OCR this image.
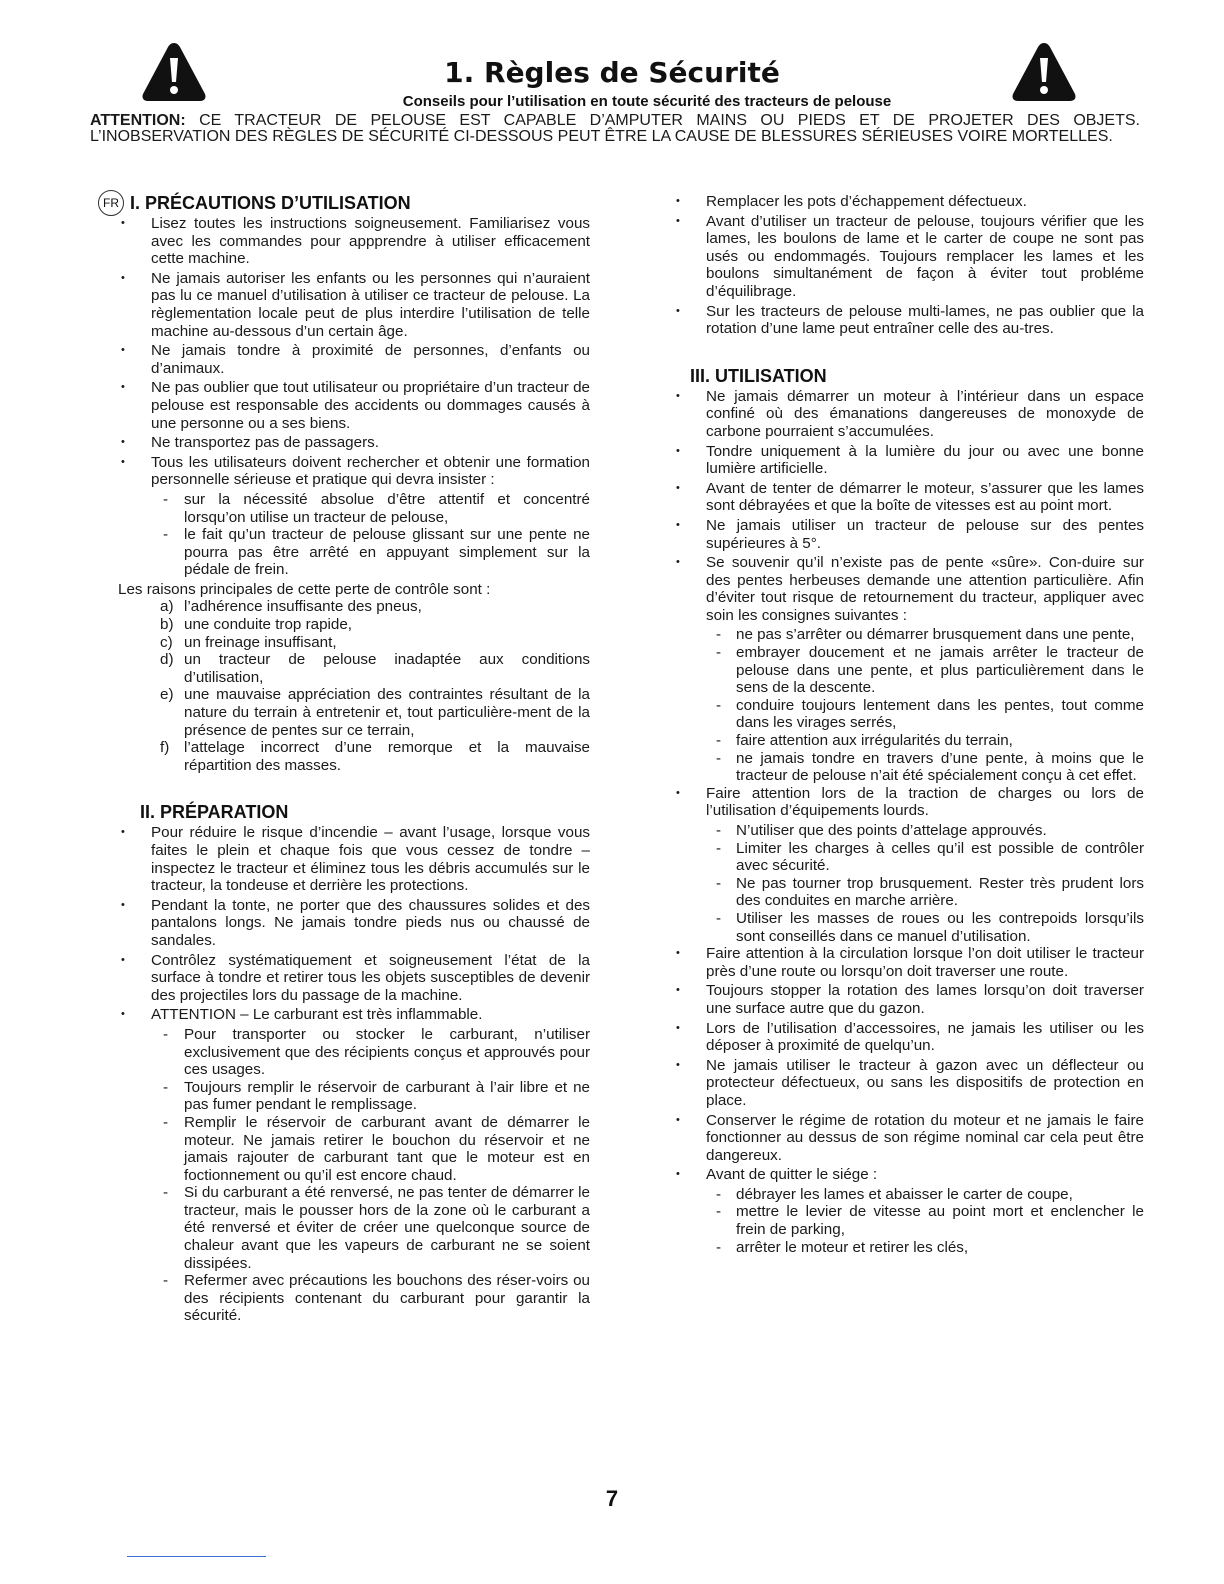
1. Règles de Sécurité
Conseils pour l’utilisation en toute sécurité des tracteurs de pelouse
ATTENTION: CE TRACTEUR DE PELOUSE EST CAPABLE D’AMPUTER MAINS OU PIEDS ET DE PROJETER DES OBJETS. L’INOBSERVATION DES RÈGLES DE SÉCURITÉ CI-DESSOUS PEUT ÊTRE LA CAUSE DE BLESSURES SÉRIEUSES VOIRE MORTELLES.
FR I. PRÉCAUTIONS D’UTILISATION
• Lisez toutes les instructions soigneusement. Familiarisez vous avec les commandes pour appprendre à utiliser efficacement cette machine.
• Ne jamais autoriser les enfants ou les personnes qui n’auraient pas lu ce manuel d’utilisation à utiliser ce tracteur de pelouse. La règlementation locale peut de plus interdire l’utilisation de telle machine au-dessous d’un certain âge.
• Ne jamais tondre à proximité de personnes, d’enfants ou d’animaux.
• Ne pas oublier que tout utilisateur ou propriétaire d’un tracteur de pelouse est responsable des accidents ou dommages causés à une personne ou a ses biens.
• Ne transportez pas de passagers.
• Tous les utilisateurs doivent rechercher et obtenir une formation personnelle sérieuse et pratique qui devra insister :
- sur la nécessité absolue d’être attentif et concentré lorsqu’on utilise un tracteur de pelouse,
- le fait qu’un tracteur de pelouse glissant sur une pente ne pourra pas être arrêté en appuyant simplement sur la pédale de frein.
Les raisons principales de cette perte de contrôle sont :
a) l’adhérence insuffisante des pneus,
b) une conduite trop rapide,
c) un freinage insuffisant,
d) un tracteur de pelouse inadaptée aux conditions d’utilisation,
e) une mauvaise appréciation des contraintes résultant de la nature du terrain à entretenir et, tout particulière-ment de la présence de pentes sur ce terrain,
f) l’attelage incorrect d’une remorque et la mauvaise répartition des masses.
II. PRÉPARATION
• Pour réduire le risque d’incendie – avant l’usage, lorsque vous faites le plein et chaque fois que vous cessez de tondre – inspectez le tracteur et éliminez tous les débris accumulés sur le tracteur, la tondeuse et derrière les protections.
• Pendant la tonte, ne porter que des chaussures solides et des pantalons longs. Ne jamais tondre pieds nus ou chaussé de sandales.
• Contrôlez systématiquement et soigneusement l’état de la surface à tondre et retirer tous les objets susceptibles de devenir des projectiles lors du passage de la machine.
• ATTENTION – Le carburant est très inflammable.
- Pour transporter ou stocker le carburant, n’utiliser exclusivement que des récipients conçus et approuvés pour ces usages.
- Toujours remplir le réservoir de carburant à l’air libre et ne pas fumer pendant le remplissage.
- Remplir le réservoir de carburant avant de démarrer le moteur. Ne jamais retirer le bouchon du réservoir et ne jamais rajouter de carburant tant que le moteur est en foctionnement ou qu’il est encore chaud.
- Si du carburant a été renversé, ne pas tenter de démarrer le tracteur, mais le pousser hors de la zone où le carburant a été renversé et éviter de créer une quelconque source de chaleur avant que les vapeurs de carburant ne se soient dissipées.
- Refermer avec précautions les bouchons des réser-voirs ou des récipients contenant du carburant pour garantir la sécurité.
• Remplacer les pots d’échappement défectueux.
• Avant d’utiliser un tracteur de pelouse, toujours vérifier que les lames, les boulons de lame et le carter de coupe ne sont pas usés ou endommagés. Toujours remplacer les lames et les boulons simultanément de façon à éviter tout probléme d’équilibrage.
• Sur les tracteurs de pelouse multi-lames, ne pas oublier que la rotation d’une lame peut entraîner celle des au-tres.
III. UTILISATION
• Ne jamais démarrer un moteur à l’intérieur dans un espace confiné où des émanations dangereuses de monoxyde de carbone pourraient s’accumulées.
• Tondre uniquement à la lumière du jour ou avec une bonne lumière artificielle.
• Avant de tenter de démarrer le moteur, s’assurer que les lames sont débrayées et que la boîte de vitesses est au point mort.
• Ne jamais utiliser un tracteur de pelouse sur des pentes supérieures à 5°.
• Se souvenir qu’il n’existe pas de pente «sûre». Con-duire sur des pentes herbeuses demande une attention particulière. Afin d’éviter tout risque de retournement du tracteur, appliquer avec soin les consignes suivantes :
- ne pas s’arrêter ou démarrer brusquement dans une pente,
- embrayer doucement et ne jamais arrêter le tracteur de pelouse dans une pente, et plus particulièrement dans le sens de la descente.
- conduire toujours lentement dans les pentes, tout comme dans les virages serrés,
- faire attention aux irrégularités du terrain,
- ne jamais tondre en travers d’une pente, à moins que le tracteur de pelouse n’ait été spécialement conçu à cet effet.
• Faire attention lors de la traction de charges ou lors de l’utilisation d’équipements lourds.
- N’utiliser que des points d’attelage approuvés.
- Limiter les charges à celles qu’il est possible de contrôler avec sécurité.
- Ne pas tourner trop brusquement. Rester très prudent lors des conduites en marche arrière.
- Utiliser les masses de roues ou les contrepoids lorsqu’ils sont conseillés dans ce manuel d’utilisation.
• Faire attention à la circulation lorsque l’on doit utiliser le tracteur près d’une route ou lorsqu’on doit traverser une route.
• Toujours stopper la rotation des lames lorsqu’on doit traverser une surface autre que du gazon.
• Lors de l’utilisation d’accessoires, ne jamais les utiliser ou les déposer à proximité de quelqu’un.
• Ne jamais utiliser le tracteur à gazon avec un déflecteur ou protecteur défectueux, ou sans les dispositifs de protection en place.
• Conserver le régime de rotation du moteur et ne jamais le faire fonctionner au dessus de son régime nominal car cela peut être dangereux.
• Avant de quitter le siége :
- débrayer les lames et abaisser le carter de coupe,
- mettre le levier de vitesse au point mort et enclencher le frein de parking,
- arrêter le moteur et retirer les clés,
7
